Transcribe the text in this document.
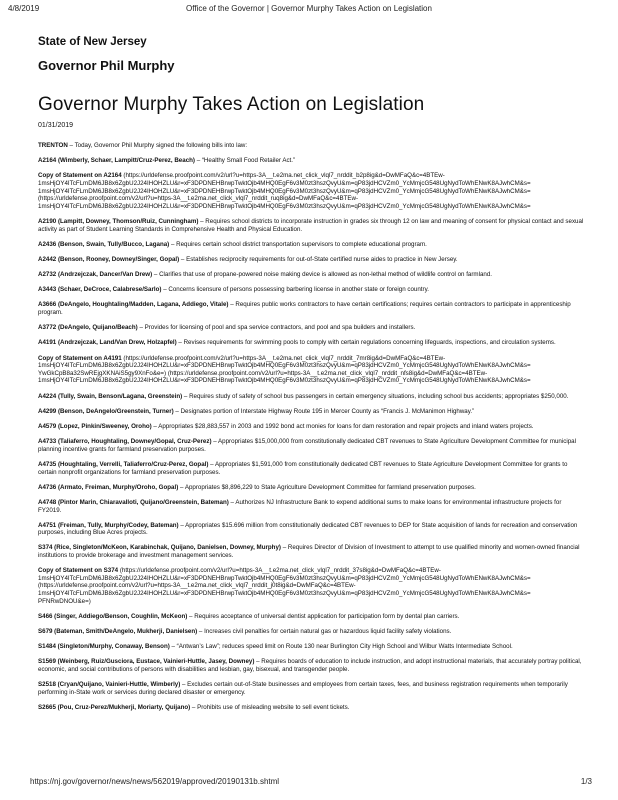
4/8/2019	Office of the Governor | Governor Murphy Takes Action on Legislation
State of New Jersey
Governor Phil Murphy
Governor Murphy Takes Action on Legislation
01/31/2019

TRENTON – Today, Governor Phil Murphy signed the following bills into law:

A2164 (Wimberly, Schaer, Lampitt/Cruz-Perez, Beach) – “Healthy Small Food Retailer Act.”

Copy of Statement on A2164 (https://urldefense.proofpoint.com/v2/url?u=https-3A__t.e2ma.net_click_vlql7_nrddit_b2p8ig&d=DwMFaQ&c=4BTEw-
1msHjOY4ITcFLmDM6JB8x6ZgbU2J24IHOHZLU&r=xF3DPDNEHBrwpTwktOjb4MHQ0EgF6v3M0zt3hszQvyU&m=qP83jdHCVZm0_YcMmjcG548UgNydToWhENwK8AJwhCM&s=
1msHjOY4ITcFLmDM6JB8x6ZgbU2J24IHOHZLU&r=xF3DPDNEHBrwpTwktOjb4MHQ0EgF6v3M0zt3hszQvyU&m=qP83jdHCVZm0_YcMmjcG548UgNydToWhENwK8AJwhCM&s=
(https://urldefense.proofpoint.com/v2/url?u=https-3A__t.e2ma.net_click_vlql7_nrddit_ruq8ig&d=DwMFaQ&c=4BTEw-
1msHjOY4ITcFLmDM6JB8x6ZgbU2J24IHOHZLU&r=xF3DPDNEHBrwpTwktOjb4MHQ0EgF6v3M0zt3hszQvyU&m=qP83jdHCVZm0_YcMmjcG548UgNydToWhENwK8AJwhCM&s=

A2190 (Lampitt, Downey, Thomson/Ruiz, Cunningham) – Requires school districts to incorporate instruction in grades six through 12 on law and meaning of consent for physical contact and sexual activity as part of Student Learning Standards in Comprehensive Health and Physical Education.

A2436 (Benson, Swain, Tully/Bucco, Lagana) – Requires certain school district transportation supervisors to complete educational program.

A2442 (Benson, Rooney, Downey/Singer, Gopal) – Establishes reciprocity requirements for out-of-State certified nurse aides to practice in New Jersey.

A2732 (Andrzejczak, Dancer/Van Drew) – Clarifies that use of propane-powered noise making device is allowed as non-lethal method of wildlife control on farmland.

A3443 (Schaer, DeCroce, Calabrese/Sarlo) – Concerns licensure of persons possessing barbering license in another state or foreign country.

A3666 (DeAngelo, Houghtaling/Madden, Lagana, Addiego, Vitale) – Requires public works contractors to have certain certifications; requires certain contractors to participate in apprenticeship program.

A3772 (DeAngelo, Quijano/Beach) – Provides for licensing of pool and spa service contractors, and pool and spa builders and installers.

A4191 (Andrzejczak, Land/Van Drew, Holzapfel) – Revises requirements for swimming pools to comply with certain regulations concerning lifeguards, inspections, and circulation systems.

Copy of Statement on A4191 (https://urldefense.proofpoint.com/v2/url?u=https-3A__t.e2ma.net_click_vlql7_nrddit_7mr8ig&d=DwMFaQ&c=4BTEw-
1msHjOY4ITcFLmDM6JB8x6ZgbU2J24IHOHZLU&r=xF3DPDNEHBrwpTwktOjb4MHQ0EgF6v3M0zt3hszQvyU&m=qP83jdHCVZm0_YcMmjcG548UgNydToWhENwK8AJwhCM&s=
YwGkCpB8a32SwREjgXKNAiS5gy9XnFo&e=) (https://urldefense.proofpoint.com/v2/url?u=https-3A__t.e2ma.net_click_vlql7_nrddit_nfs8ig&d=DwMFaQ&c=4BTEw-
1msHjOY4ITcFLmDM6JB8x6ZgbU2J24IHOHZLU&r=xF3DPDNEHBrwpTwktOjb4MHQ0EgF6v3M0zt3hszQvyU&m=qP83jdHCVZm0_YcMmjcG548UgNydToWhENwK8AJwhCM&s=

A4224 (Tully, Swain, Benson/Lagana, Greenstein) – Requires study of safety of school bus passengers in certain emergency situations, including school bus accidents; appropriates $250,000.

A4299 (Benson, DeAngelo/Greenstein, Turner) – Designates portion of Interstate Highway Route 195 in Mercer County as “Francis J. McManimon Highway.”

A4579 (Lopez, Pinkin/Sweeney, Oroho) – Appropriates $28,883,557 in 2003 and 1992 bond act monies for loans for dam restoration and repair projects and inland waters projects.

A4733 (Taliaferro, Houghtaling, Downey/Gopal, Cruz-Perez) – Appropriates $15,000,000 from constitutionally dedicated CBT revenues to State Agriculture Development Committee for municipal planning incentive grants for farmland preservation purposes.

A4735 (Houghtaling, Verrelli, Taliaferro/Cruz-Perez, Gopal) – Appropriates $1,591,000 from constitutionally dedicated CBT revenues to State Agriculture Development Committee for grants to certain nonprofit organizations for farmland preservation purposes.

A4736 (Armato, Freiman, Murphy/Oroho, Gopal) – Appropriates $8,896,229 to State Agriculture Development Committee for farmland preservation purposes.

A4748 (Pintor Marin, Chiaravalloti, Quijano/Greenstein, Bateman) – Authorizes NJ Infrastructure Bank to expend additional sums to make loans for environmental infrastructure projects for FY2019.

A4751 (Freiman, Tully, Murphy/Codey, Bateman) – Appropriates $15.696 million from constitutionally dedicated CBT revenues to DEP for State acquisition of lands for recreation and conservation purposes, including Blue Acres projects.

S374 (Rice, Singleton/McKeon, Karabinchak, Quijano, Danielsen, Downey, Murphy) – Requires Director of Division of Investment to attempt to use qualified minority and women-owned financial institutions to provide brokerage and investment management services.

Copy of Statement on S374 (https://urldefense.proofpoint.com/v2/url?u=https-3A__t.e2ma.net_click_vlql7_nrddit_37s8ig&d=DwMFaQ&c=4BTEw-
1msHjOY4ITcFLmDM6JB8x6ZgbU2J24IHOHZLU&r=xF3DPDNEHBrwpTwktOjb4MHQ0EgF6v3M0zt3hszQvyU&m=qP83jdHCVZm0_YcMmjcG548UgNydToWhENwK8AJwhCM&s=
(https://urldefense.proofpoint.com/v2/url?u=https-3A__t.e2ma.net_click_vlql7_nrddit_j0t8ig&d=DwMFaQ&c=4BTEw-
1msHjOY4ITcFLmDM6JB8x6ZgbU2J24IHOHZLU&r=xF3DPDNEHBrwpTwktOjb4MHQ0EgF6v3M0zt3hszQvyU&m=qP83jdHCVZm0_YcMmjcG548UgNydToWhENwK8AJwhCM&s=
PFNRwDNOU&e=)

S466 (Singer, Addiego/Benson, Coughlin, McKeon) – Requires acceptance of universal dentist application for participation form by dental plan carriers.

S679 (Bateman, Smith/DeAngelo, Mukherji, Danielsen) – Increases civil penalties for certain natural gas or hazardous liquid facility safety violations.

S1484 (Singleton/Murphy, Conaway, Benson) – “Antwan’s Law”; reduces speed limit on Route 130 near Burlington City High School and Wilbur Watts Intermediate School.

S1569 (Weinberg, Ruiz/Gusciora, Eustace, Vainieri-Huttle, Jasey, Downey) – Requires boards of education to include instruction, and adopt instructional materials, that accurately portray political, economic, and social contributions of persons with disabilities and lesbian, gay, bisexual, and transgender people.

S2518 (Cryan/Quijano, Vainieri-Huttle, Wimberly) – Excludes certain out-of-State businesses and employees from certain taxes, fees, and business registration requirements when temporarily performing in-State work or services during declared disaster or emergency.

S2665 (Pou, Cruz-Perez/Mukherji, Moriarty, Quijano) – Prohibits use of misleading website to sell event tickets.

https://nj.gov/governor/news/news/562019/approved/20190131b.shtml	1/3
